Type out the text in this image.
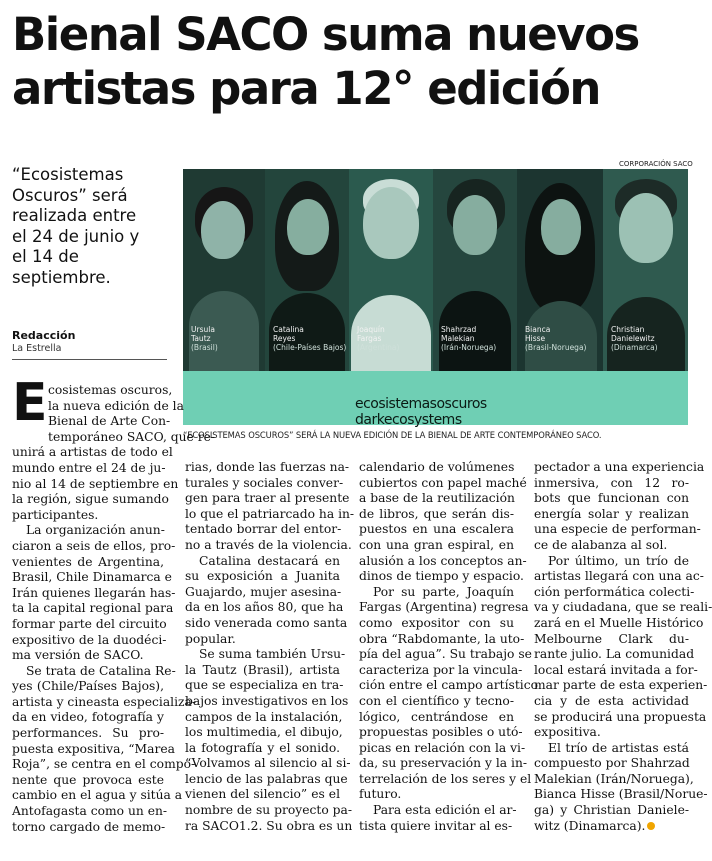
Bienal SACO suma nuevos
artistas para 12° edición
“Ecosistemas
Oscuros” será
realizada entre
el 24 de junio y
el 14 de
septiembre.
Redacción
La Estrella
CORPORACIÓN SACO
Ursula
Tautz
(Brasil)
Catalina
Reyes
(Chile-Países Bajos)
Joaquín
Fargas
(Argentina)
Shahrzad
Malekian
(Irán-Noruega)
Bianca
Hisse
(Brasil-Noruega)
Christian
Danielewitz
(Dinamarca)
ecosistemasoscuros
darkecosystems
“ECOSISTEMAS OSCUROS” SERÁ LA NUEVA EDICIÓN DE LA BIENAL DE ARTE CONTEMPORÁNEO SACO.
E cosistemas oscuros,
la nueva edición de la
Bienal de Arte Con-
temporáneo SACO, que re-
unirá a artistas de todo el
mundo entre el 24 de ju-
nio al 14 de septiembre en
la región, sigue sumando
participantes.
La organización anun-
ciaron a seis de ellos, pro-
venientes de Argentina,
Brasil, Chile Dinamarca e
Irán quienes llegarán has-
ta la capital regional para
formar parte del circuito
expositivo de la duodéci-
ma versión de SACO.
Se trata de Catalina Re-
yes (Chile/Países Bajos),
artista y cineasta especializa-
da en video, fotografía y
performances. Su pro-
puesta expositiva, “Marea
Roja”, se centra en el compo-
nente que provoca este
cambio en el agua y sitúa a
Antofagasta como un en-
torno cargado de memo-
rias, donde las fuerzas na-
turales y sociales conver-
gen para traer al presente
lo que el patriarcado ha in-
tentado borrar del entor-
no a través de la violencia.
Catalina destacará en
su exposición a Juanita
Guajardo, mujer asesina-
da en los años 80, que ha
sido venerada como santa
popular.
Se suma también Ursu-
la Tautz (Brasil), artista
que se especializa en tra-
bajos investigativos en los
campos de la instalación,
los multimedia, el dibujo,
la fotografía y el sonido.
“Volvamos al silencio al si-
lencio de las palabras que
vienen del silencio” es el
nombre de su proyecto pa-
ra SACO1.2. Su obra es un
calendario de volúmenes
cubiertos con papel maché
a base de la reutilización
de libros, que serán dis-
puestos en una escalera
con una gran espiral, en
alusión a los conceptos an-
dinos de tiempo y espacio.
Por su parte, Joaquín
Fargas (Argentina) regresa
como expositor con su
obra “Rabdomante, la uto-
pía del agua”. Su trabajo se
caracteriza por la vincula-
ción entre el campo artístico
con el científico y tecno-
lógico, centrándose en
propuestas posibles o utó-
picas en relación con la vi-
da, su preservación y la in-
terrelación de los seres y el
futuro.
Para esta edición el ar-
tista quiere invitar al es-
pectador a una experiencia
inmersiva, con 12 ro-
bots que funcionan con
energía solar y realizan
una especie de performan-
ce de alabanza al sol.
Por último, un trío de
artistas llegará con una ac-
ción performática colecti-
va y ciudadana, que se reali-
zará en el Muelle Histórico
Melbourne Clark du-
rante julio. La comunidad
local estará invitada a for-
mar parte de esta experien-
cia y de esta actividad
se producirá una propuesta
expositiva.
El trío de artistas está
compuesto por Shahrzad
Malekian (Irán/Noruega),
Bianca Hisse (Brasil/Norue-
ga) y Christian Daniele-
witz (Dinamarca).
